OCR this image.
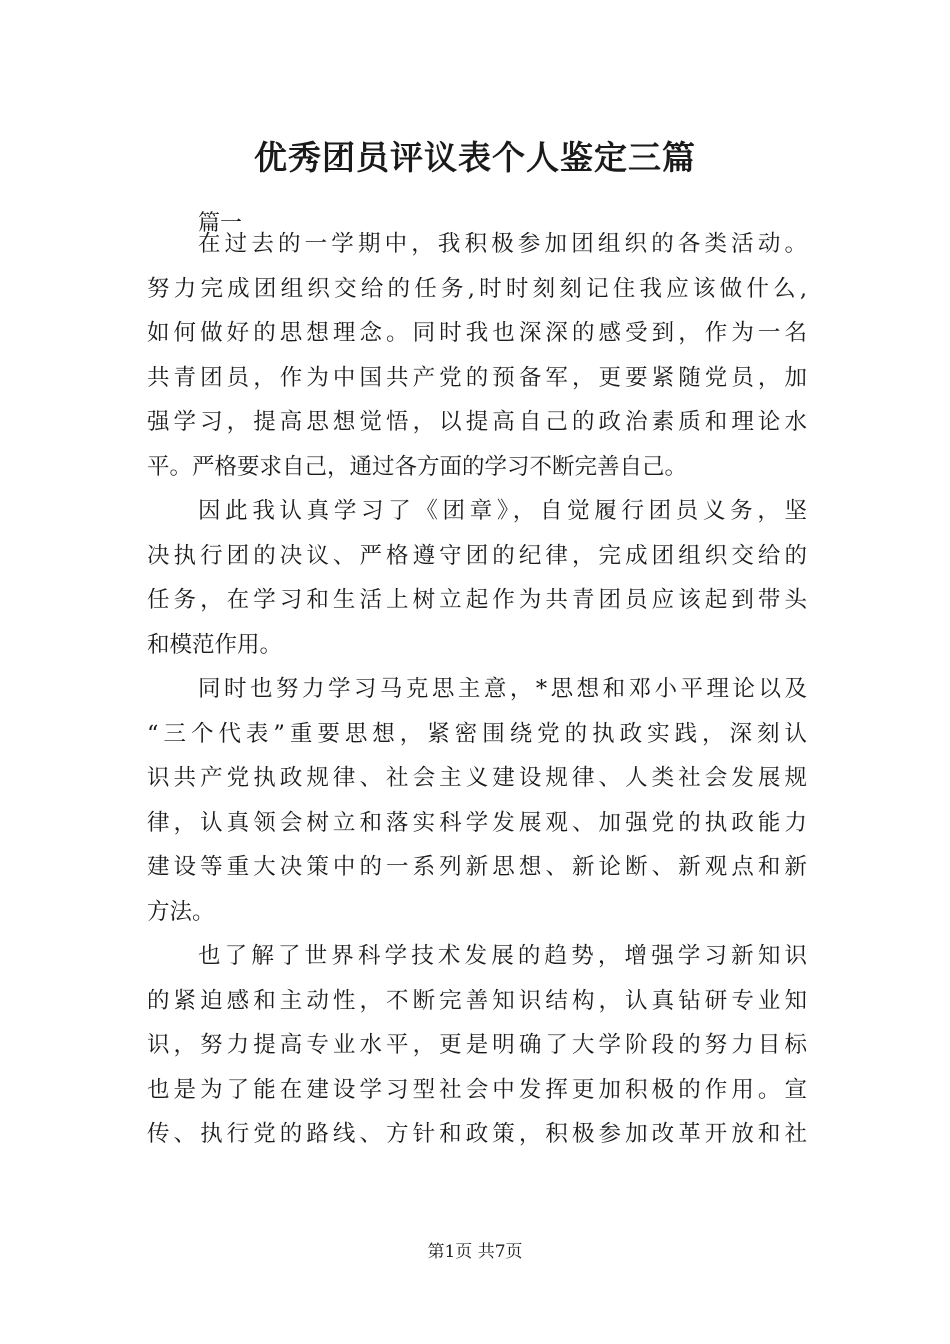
优秀团员评议表个人鉴定三篇
篇一
在过去的一学期中，我积极参加团组织的各类活动。
努力完成团组织交给的任务,时时刻刻记住我应该做什么,
如何做好的思想理念。同时我也深深的感受到，作为一名
共青团员，作为中国共产党的预备军，更要紧随党员，加
强学习，提高思想觉悟，以提高自己的政治素质和理论水
平。严格要求自己，通过各方面的学习不断完善自己。
因此我认真学习了《团章》，自觉履行团员义务，坚
决执行团的决议、严格遵守团的纪律，完成团组织交给的
任务，在学习和生活上树立起作为共青团员应该起到带头
和模范作用。
同时也努力学习马克思主意，*思想和邓小平理论以及
“三个代表”重要思想，紧密围绕党的执政实践，深刻认
识共产党执政规律、社会主义建设规律、人类社会发展规
律，认真领会树立和落实科学发展观、加强党的执政能力
建设等重大决策中的一系列新思想、新论断、新观点和新
方法。
也了解了世界科学技术发展的趋势，增强学习新知识
的紧迫感和主动性，不断完善知识结构，认真钻研专业知
识，努力提高专业水平，更是明确了大学阶段的努力目标
也是为了能在建设学习型社会中发挥更加积极的作用。宣
传、执行党的路线、方针和政策，积极参加改革开放和社
第1页 共7页
